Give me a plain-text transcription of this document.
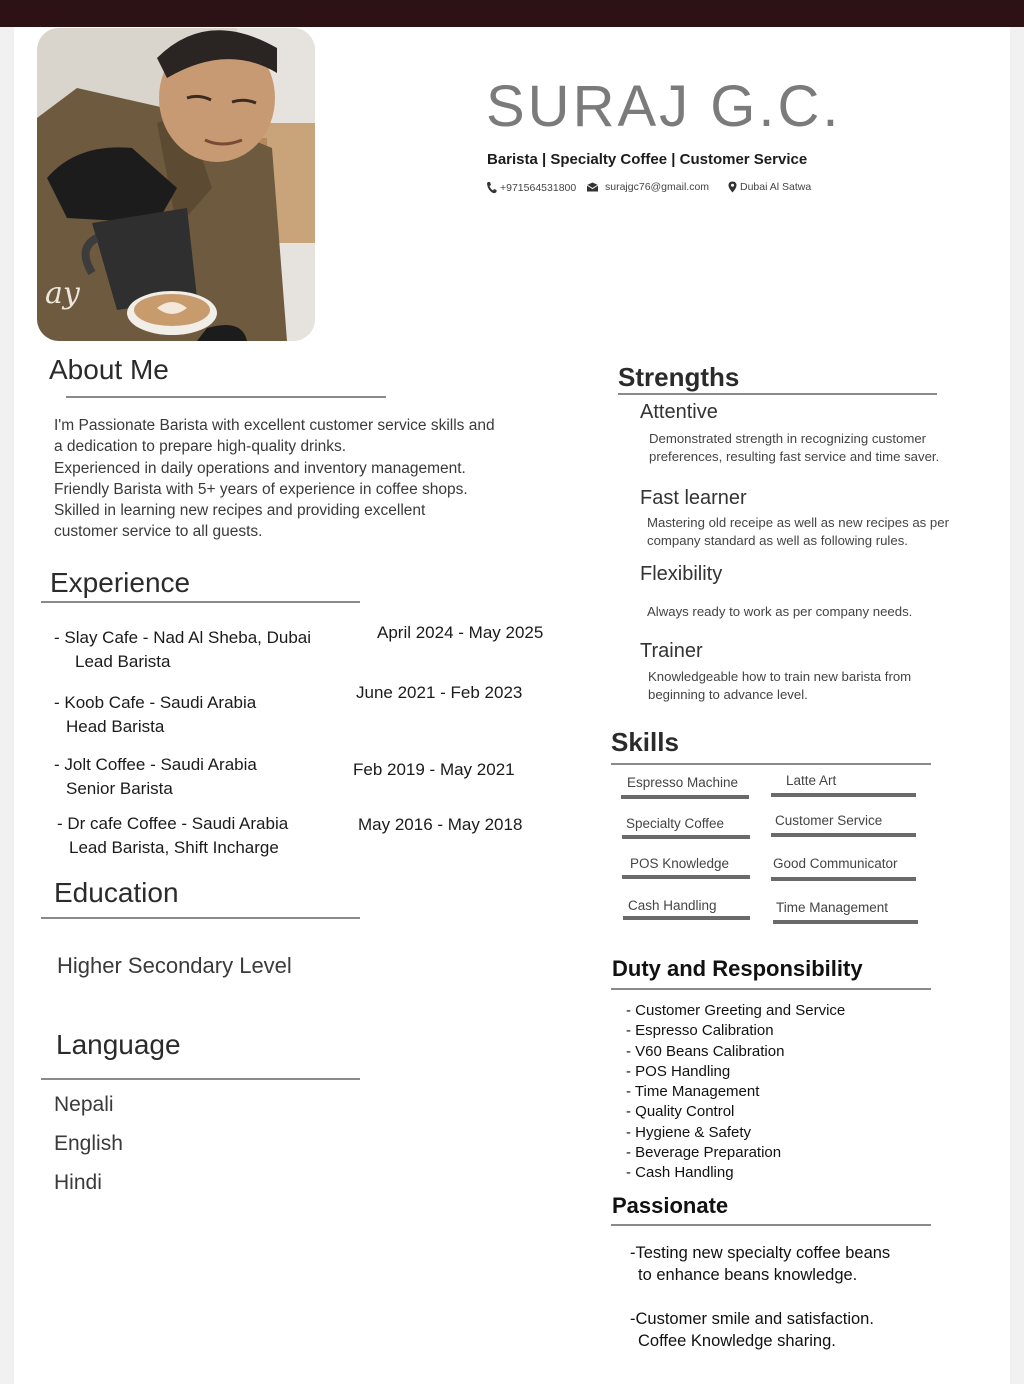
ay
SURAJ G.C.
Barista | Specialty Coffee | Customer Service
+971564531800	surajgc76@gmail.com	Dubai Al Satwa
About Me

I'm Passionate Barista with excellent customer service skills and

a dedication to prepare high-quality drinks.

Experienced in daily operations and inventory management.

Friendly Barista with 5+ years of experience in coffee shops.

Skilled in learning new recipes and providing excellent

customer service to all guests.

Experience
- Slay Cafe - Nad Al Sheba, Dubai
Lead Barista
April 2024 - May 2025
- Koob Cafe - Saudi Arabia
Head Barista
June 2021 - Feb 2023
- Jolt Coffee - Saudi Arabia
Senior Barista
Feb 2019 - May 2021
- Dr cafe Coffee - Saudi Arabia
Lead Barista, Shift Incharge
May 2016 - May 2018
Education
Higher Secondary Level
Language
Nepali
English
Hindi
Strengths
Attentive
Demonstrated strength in recognizing customer
preferences, resulting fast service and time saver.
Fast learner
Mastering old receipe as well as new recipes as per
company standard as well as following rules.
Flexibility
Always ready to work as per company needs.
Trainer
Knowledgeable how to train new barista from
beginning to advance level.
Skills
Espresso Machine	Latte Art
Specialty Coffee	Customer Service
POS Knowledge	Good Communicator
Cash Handling	Time Management
Duty and Responsibility
- Customer Greeting and Service
- Espresso Calibration
- V60 Beans Calibration
- POS Handling
- Time Management
- Quality Control
- Hygiene & Safety
- Beverage Preparation
- Cash Handling
Passionate
-Testing new specialty coffee beans
to enhance beans knowledge.
-Customer smile and satisfaction.
Coffee Knowledge sharing.
